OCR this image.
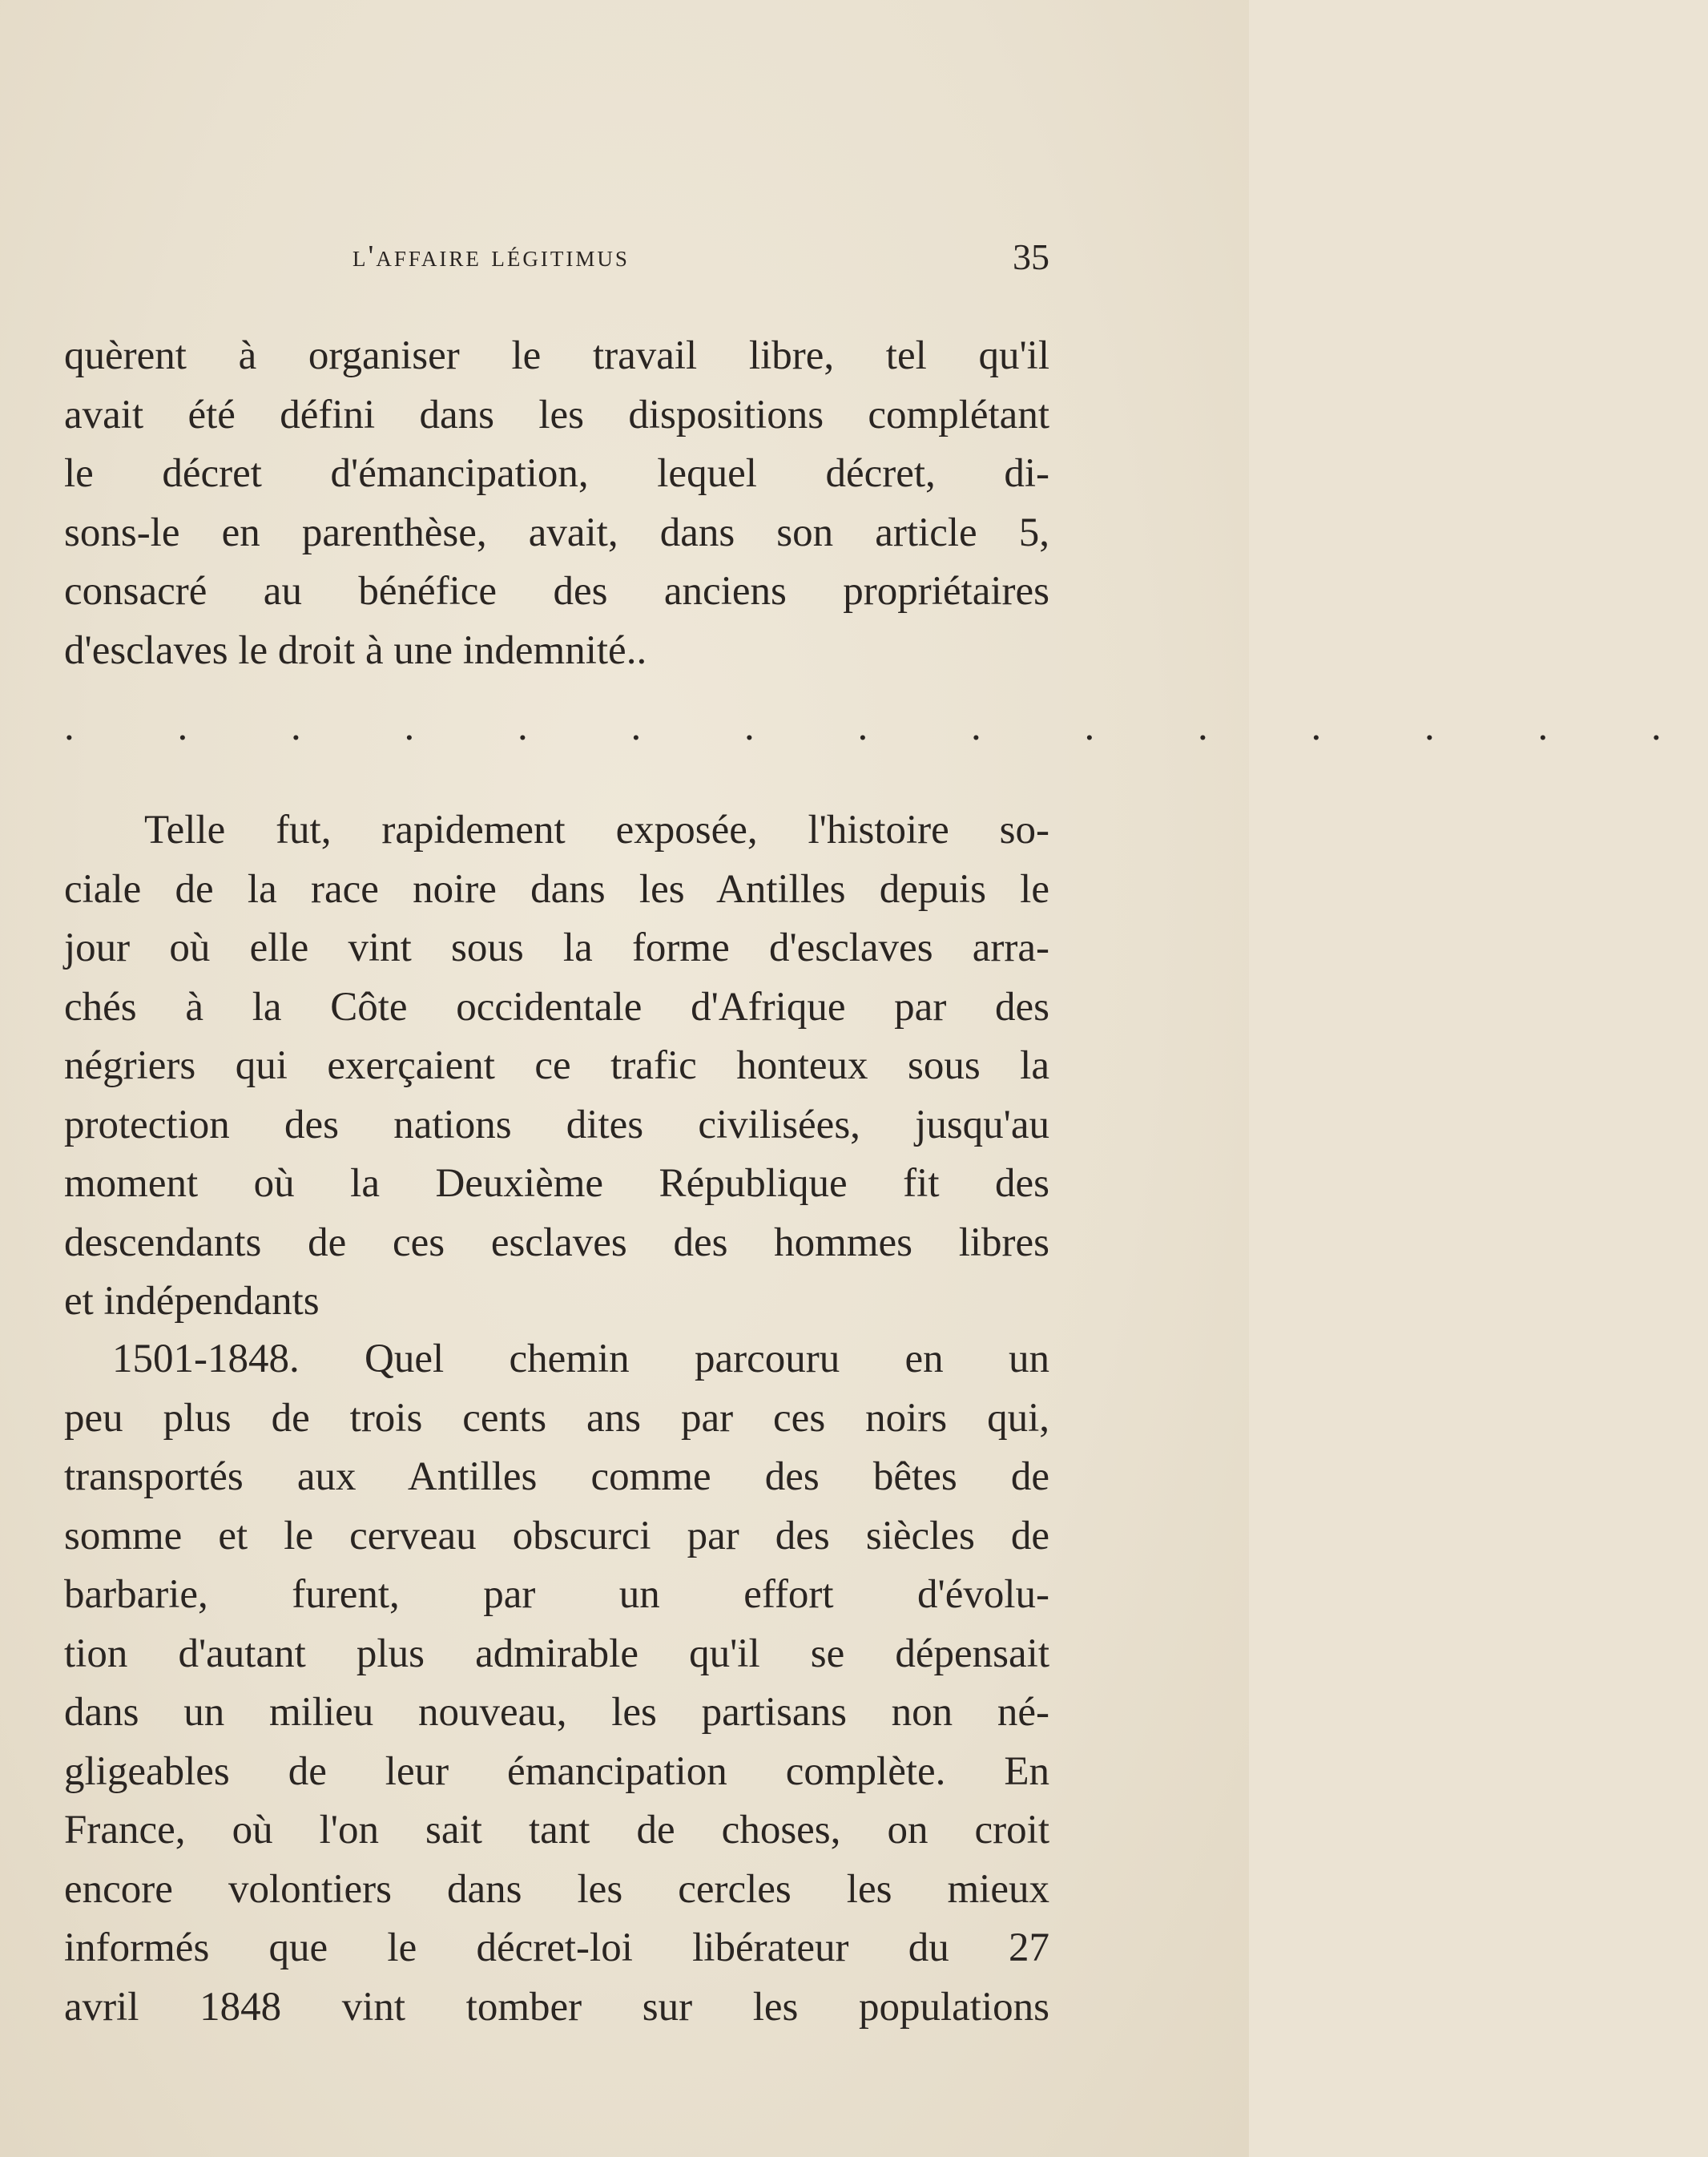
l'affaire légitimus	35
quèrent à organiser le travail libre, tel qu'il
avait été défini dans les dispositions complétant
le décret d'émancipation, lequel décret, di-
sons-le en parenthèse, avait, dans son article 5,
consacré au bénéfice des anciens propriétaires
d'esclaves le droit à une indemnité..
. . . . . . . . . . . . . . .
Telle fut, rapidement exposée, l'histoire so-
ciale de la race noire dans les Antilles depuis le
jour où elle vint sous la forme d'esclaves arra-
chés à la Côte occidentale d'Afrique par des
négriers qui exerçaient ce trafic honteux sous la
protection des nations dites civilisées, jusqu'au
moment où la Deuxième République fit des
descendants de ces esclaves des hommes libres
et indépendants
1501-1848. Quel chemin parcouru en un
peu plus de trois cents ans par ces noirs qui,
transportés aux Antilles comme des bêtes de
somme et le cerveau obscurci par des siècles de
barbarie, furent, par un effort d'évolu-
tion d'autant plus admirable qu'il se dépensait
dans un milieu nouveau, les partisans non né-
gligeables de leur émancipation complète. En
France, où l'on sait tant de choses, on croit
encore volontiers dans les cercles les mieux
informés que le décret-loi libérateur du 27
avril 1848 vint tomber sur les populations
